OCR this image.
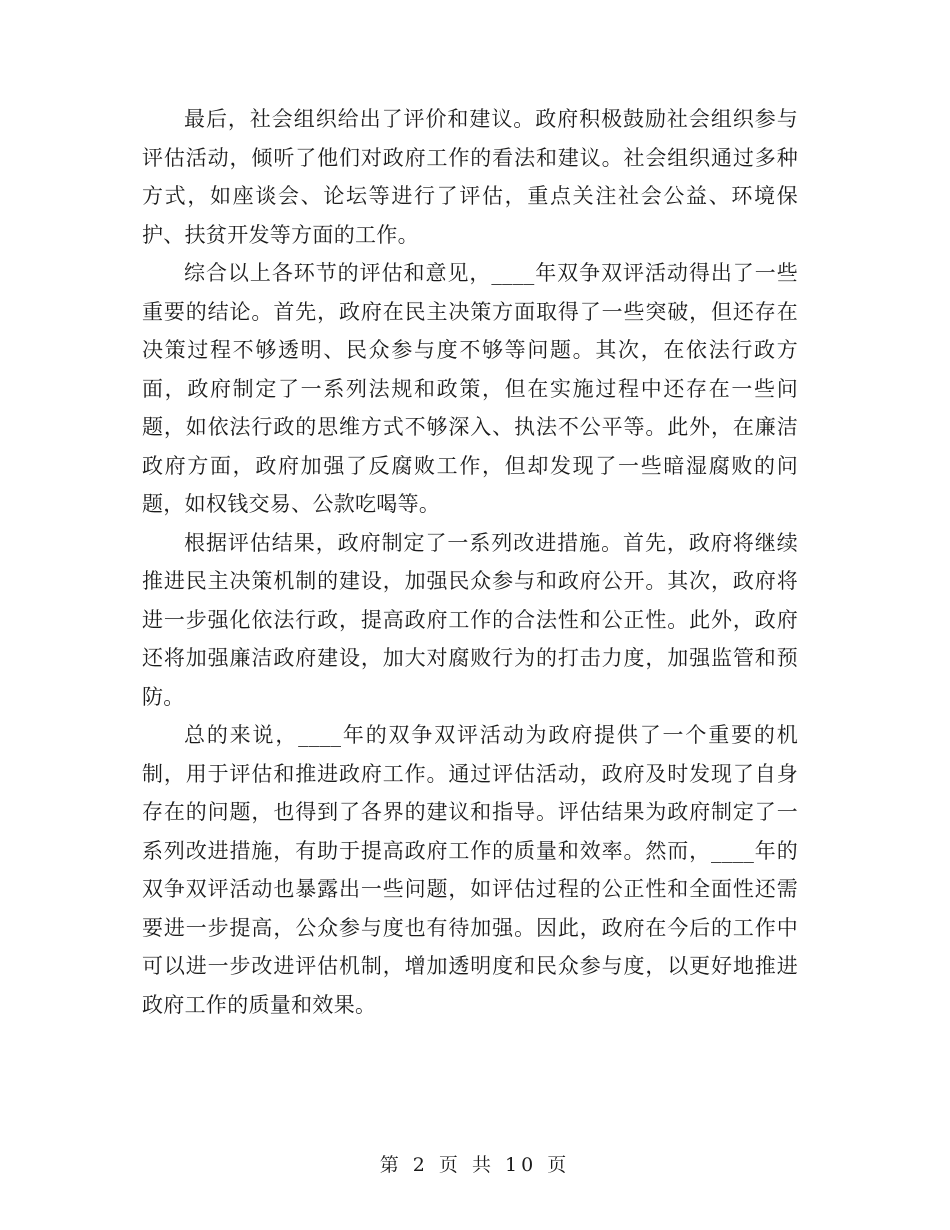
最后，社会组织给出了评价和建议。政府积极鼓励社会组织参与评估活动，倾听了他们对政府工作的看法和建议。社会组织通过多种方式，如座谈会、论坛等进行了评估，重点关注社会公益、环境保护、扶贫开发等方面的工作。

综合以上各环节的评估和意见，____年双争双评活动得出了一些重要的结论。首先，政府在民主决策方面取得了一些突破，但还存在决策过程不够透明、民众参与度不够等问题。其次，在依法行政方面，政府制定了一系列法规和政策，但在实施过程中还存在一些问题，如依法行政的思维方式不够深入、执法不公平等。此外，在廉洁政府方面，政府加强了反腐败工作，但却发现了一些暗湿腐败的问题，如权钱交易、公款吃喝等。

根据评估结果，政府制定了一系列改进措施。首先，政府将继续推进民主决策机制的建设，加强民众参与和政府公开。其次，政府将进一步强化依法行政，提高政府工作的合法性和公正性。此外，政府还将加强廉洁政府建设，加大对腐败行为的打击力度，加强监管和预防。

总的来说，____年的双争双评活动为政府提供了一个重要的机制，用于评估和推进政府工作。通过评估活动，政府及时发现了自身存在的问题，也得到了各界的建议和指导。评估结果为政府制定了一系列改进措施，有助于提高政府工作的质量和效率。然而，____年的双争双评活动也暴露出一些问题，如评估过程的公正性和全面性还需要进一步提高，公众参与度也有待加强。因此，政府在今后的工作中可以进一步改进评估机制，增加透明度和民众参与度，以更好地推进政府工作的质量和效果。

第 2 页 共 10 页
